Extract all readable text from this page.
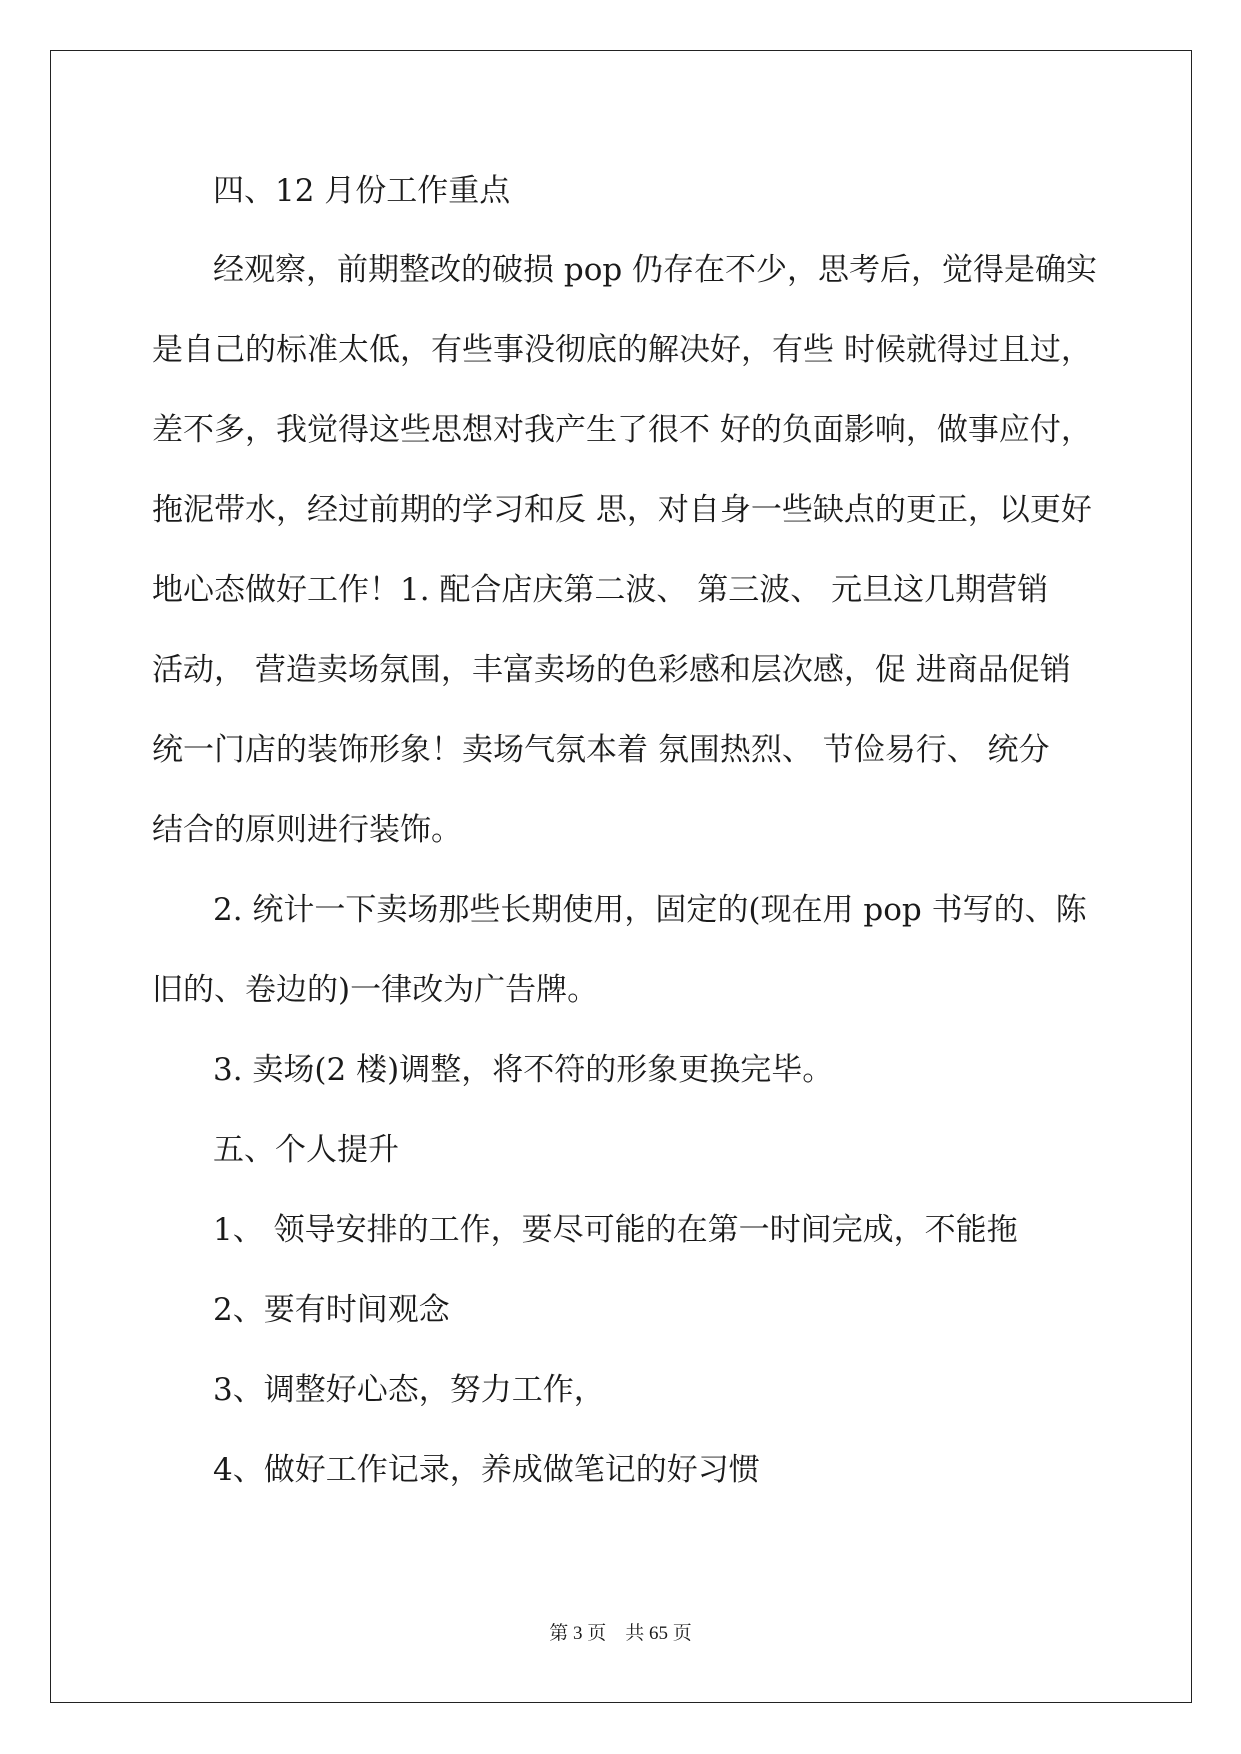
四、12 月份工作重点
经观察，前期整改的破损 pop 仍存在不少，思考后，觉得是确实
是自己的标准太低，有些事没彻底的解决好，有些 时候就得过且过，
差不多，我觉得这些思想对我产生了很不 好的负面影响，做事应付，
拖泥带水，经过前期的学习和反 思，对自身一些缺点的更正，以更好
地心态做好工作！1. 配合店庆第二波、 第三波、 元旦这几期营销
活动， 营造卖场氛围，丰富卖场的色彩感和层次感，促 进商品促销
统一门店的装饰形象！卖场气氛本着 氛围热烈、 节俭易行、 统分
结合的原则进行装饰。
2. 统计一下卖场那些长期使用，固定的(现在用 pop 书写的、陈
旧的、卷边的)一律改为广告牌。
3. 卖场(2 楼)调整，将不符的形象更换完毕。
五、个人提升
1、 领导安排的工作，要尽可能的在第一时间完成，不能拖
2、要有时间观念
3、调整好心态，努力工作，
4、做好工作记录，养成做笔记的好习惯
第 3 页    共 65 页
